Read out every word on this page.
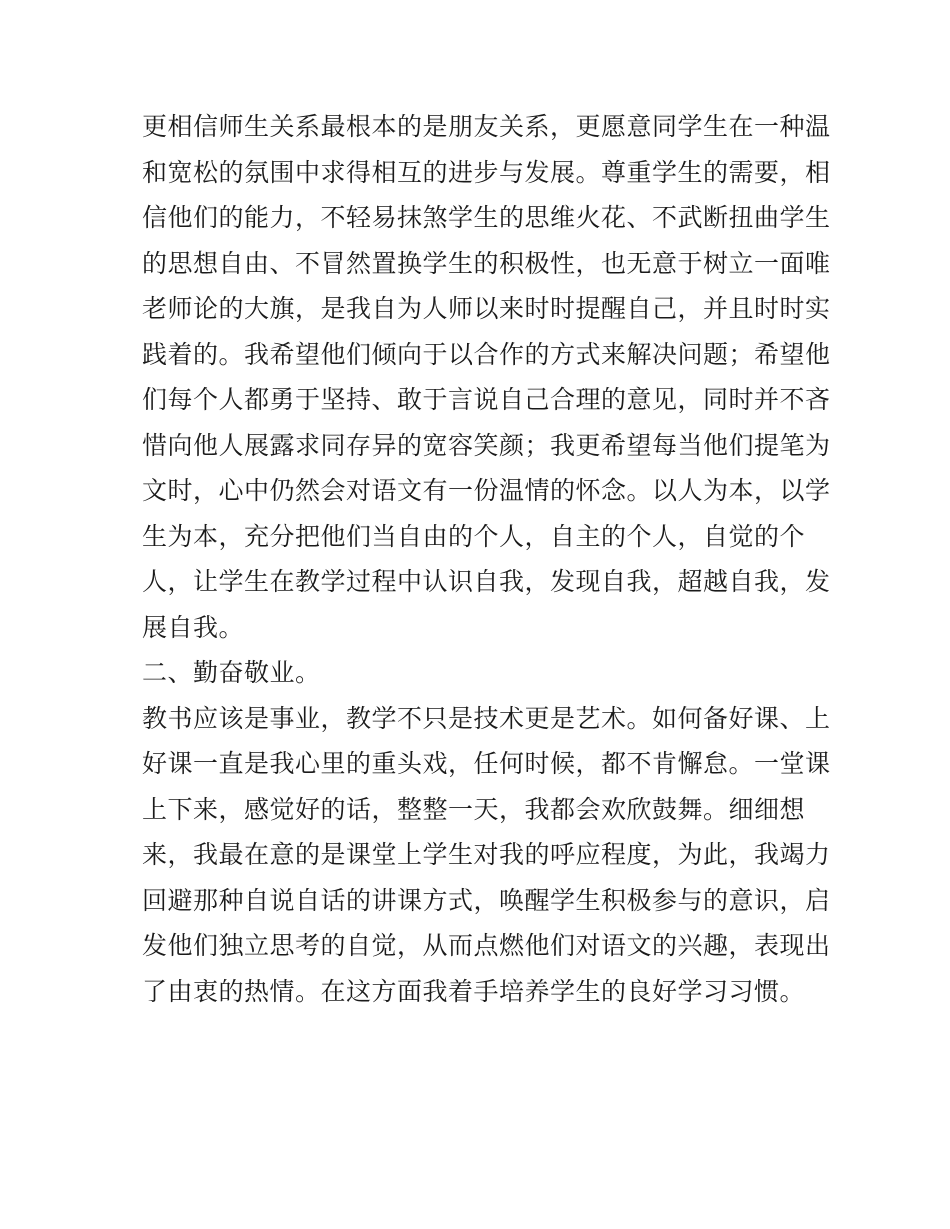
更相信师生关系最根本的是朋友关系，更愿意同学生在一种温
和宽松的氛围中求得相互的进步与发展。尊重学生的需要，相
信他们的能力，不轻易抹煞学生的思维火花、不武断扭曲学生
的思想自由、不冒然置换学生的积极性，也无意于树立一面唯
老师论的大旗，是我自为人师以来时时提醒自己，并且时时实
践着的。我希望他们倾向于以合作的方式来解决问题；希望他
们每个人都勇于坚持、敢于言说自己合理的意见，同时并不吝
惜向他人展露求同存异的宽容笑颜；我更希望每当他们提笔为
文时，心中仍然会对语文有一份温情的怀念。以人为本，以学
生为本，充分把他们当自由的个人，自主的个人，自觉的个
人，让学生在教学过程中认识自我，发现自我，超越自我，发
展自我。
二、勤奋敬业。
教书应该是事业，教学不只是技术更是艺术。如何备好课、上
好课一直是我心里的重头戏，任何时候，都不肯懈怠。一堂课
上下来，感觉好的话，整整一天，我都会欢欣鼓舞。细细想
来，我最在意的是课堂上学生对我的呼应程度，为此，我竭力
回避那种自说自话的讲课方式，唤醒学生积极参与的意识，启
发他们独立思考的自觉，从而点燃他们对语文的兴趣，表现出
了由衷的热情。在这方面我着手培养学生的良好学习习惯。
